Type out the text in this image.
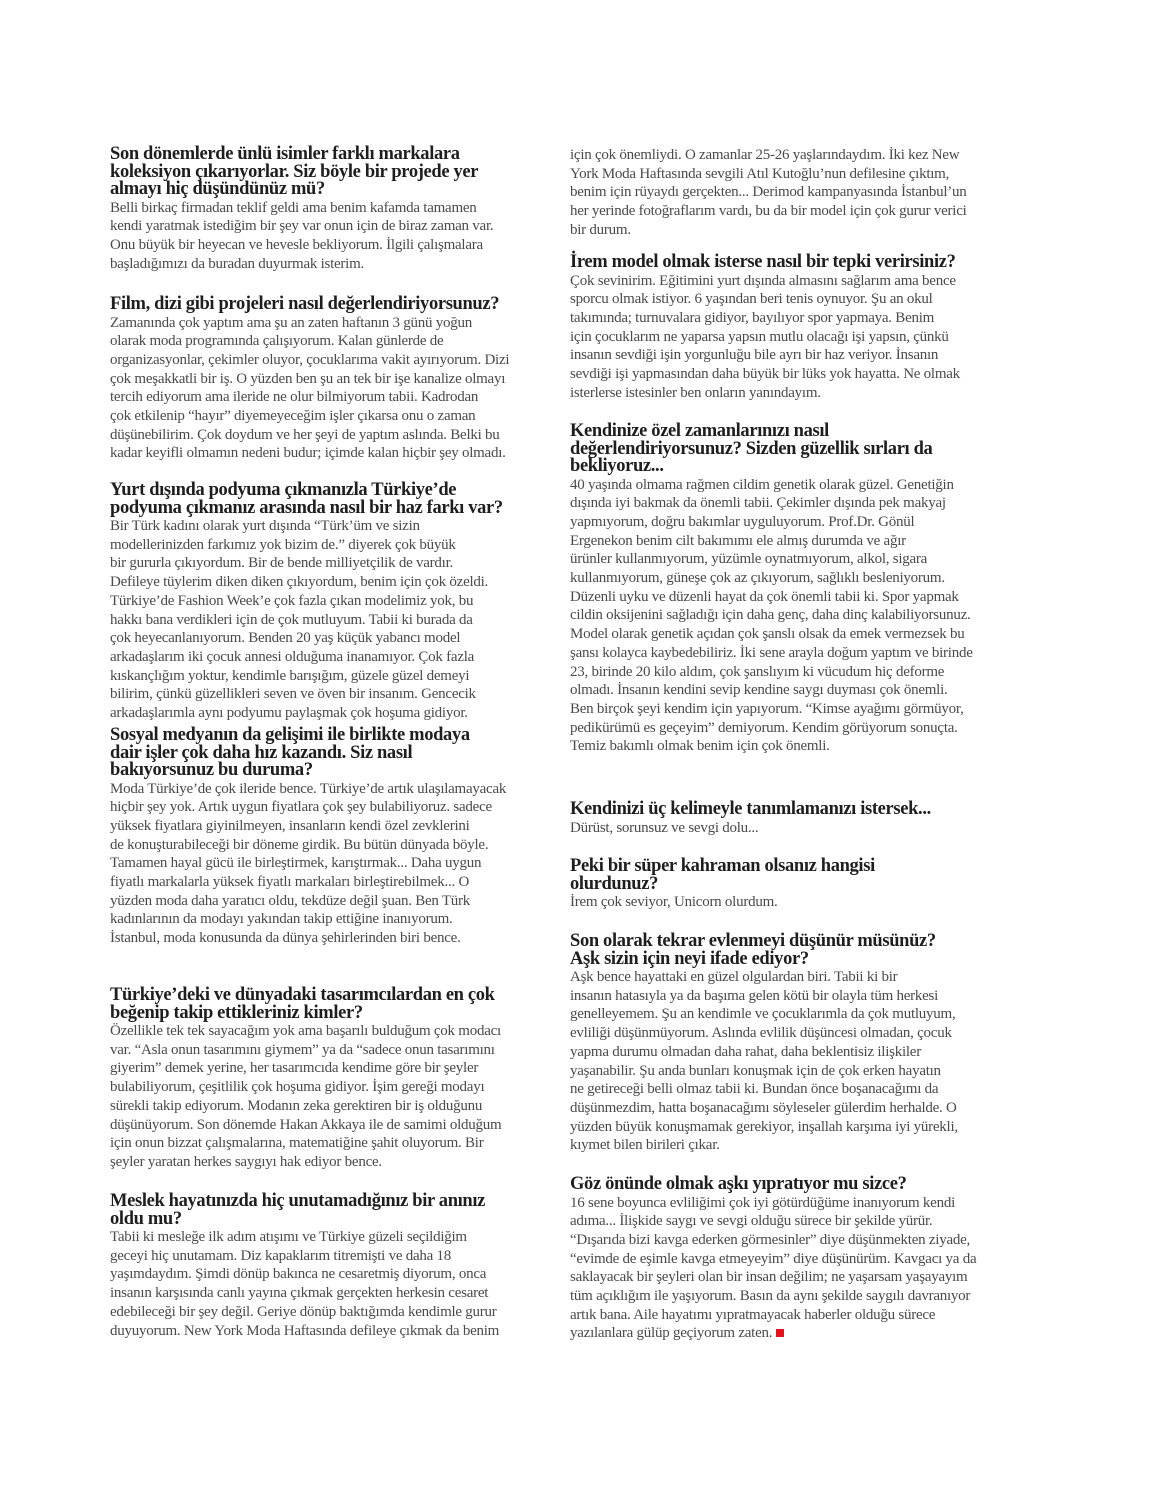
Son dönemlerde ünlü isimler farklı markalara
koleksiyon çıkarıyorlar. Siz böyle bir projede yer
almayı hiç düşündünüz mü?
Belli birkaç firmadan teklif geldi ama benim kafamda tamamen
kendi yaratmak istediğim bir şey var onun için de biraz zaman var.
Onu büyük bir heyecan ve hevesle bekliyorum. İlgili çalışmalara
başladığımızı da buradan duyurmak isterim.
Film, dizi gibi projeleri nasıl değerlendiriyorsunuz?
Zamanında çok yaptım ama şu an zaten haftanın 3 günü yoğun
olarak moda programında çalışıyorum. Kalan günlerde de
organizasyonlar, çekimler oluyor, çocuklarıma vakit ayırıyorum. Dizi
çok meşakkatli bir iş. O yüzden ben şu an tek bir işe kanalize olmayı
tercih ediyorum ama ileride ne olur bilmiyorum tabii. Kadrodan
çok etkilenip “hayır” diyemeyeceğim işler çıkarsa onu o zaman
düşünebilirim. Çok doydum ve her şeyi de yaptım aslında. Belki bu
kadar keyifli olmamın nedeni budur; içimde kalan hiçbir şey olmadı.
Yurt dışında podyuma çıkmanızla Türkiye’de
podyuma çıkmanız arasında nasıl bir haz farkı var?
Bir Türk kadını olarak yurt dışında “Türk’üm ve sizin
modellerinizden farkımız yok bizim de.” diyerek çok büyük
bir gururla çıkıyordum. Bir de bende milliyetçilik de vardır.
Defileye tüylerim diken diken çıkıyordum, benim için çok özeldi.
Türkiye’de Fashion Week’e çok fazla çıkan modelimiz yok, bu
hakkı bana verdikleri için de çok mutluyum. Tabii ki burada da
çok heyecanlanıyorum. Benden 20 yaş küçük yabancı model
arkadaşlarım iki çocuk annesi olduğuma inanamıyor. Çok fazla
kıskançlığım yoktur, kendimle barışığım, güzele güzel demeyi
bilirim, çünkü güzellikleri seven ve öven bir insanım. Gencecik
arkadaşlarımla aynı podyumu paylaşmak çok hoşuma gidiyor.
Sosyal medyanın da gelişimi ile birlikte modaya
dair işler çok daha hız kazandı. Siz nasıl
bakıyorsunuz bu duruma?
Moda Türkiye’de çok ileride bence. Türkiye’de artık ulaşılamayacak
hiçbir şey yok. Artık uygun fiyatlara çok şey bulabiliyoruz. sadece
yüksek fiyatlara giyinilmeyen, insanların kendi özel zevklerini
de konuşturabileceği bir döneme girdik. Bu bütün dünyada böyle.
Tamamen hayal gücü ile birleştirmek, karıştırmak... Daha uygun
fiyatlı markalarla yüksek fiyatlı markaları birleştirebilmek... O
yüzden moda daha yaratıcı oldu, tekdüze değil şuan. Ben Türk
kadınlarının da modayı yakından takip ettiğine inanıyorum.
İstanbul, moda konusunda da dünya şehirlerinden biri bence.
Türkiye’deki ve dünyadaki tasarımcılardan en çok
beğenip takip ettikleriniz kimler?
Özellikle tek tek sayacağım yok ama başarılı bulduğum çok modacı
var. “Asla onun tasarımını giymem” ya da “sadece onun tasarımını
giyerim” demek yerine, her tasarımcıda kendime göre bir şeyler
bulabiliyorum, çeşitlilik çok hoşuma gidiyor. İşim gereği modayı
sürekli takip ediyorum. Modanın zeka gerektiren bir iş olduğunu
düşünüyorum. Son dönemde Hakan Akkaya ile de samimi olduğum
için onun bizzat çalışmalarına, matematiğine şahit oluyorum. Bir
şeyler yaratan herkes saygıyı hak ediyor bence.
Meslek hayatınızda hiç unutamadığınız bir anınız
oldu mu?
Tabii ki mesleğe ilk adım atışımı ve Türkiye güzeli seçildiğim
geceyi hiç unutamam. Diz kapaklarım titremişti ve daha 18
yaşımdaydım. Şimdi dönüp bakınca ne cesaretmiş diyorum, onca
insanın karşısında canlı yayına çıkmak gerçekten herkesin cesaret
edebileceği bir şey değil. Geriye dönüp baktığımda kendimle gurur
duyuyorum. New York Moda Haftasında defileye çıkmak da benim
için çok önemliydi. O zamanlar 25-26 yaşlarındaydım. İki kez New
York Moda Haftasında sevgili Atıl Kutoğlu’nun defilesine çıktım,
benim için rüyaydı gerçekten... Derimod kampanyasında İstanbul’un
her yerinde fotoğraflarım vardı, bu da bir model için çok gurur verici
bir durum.
İrem model olmak isterse nasıl bir tepki verirsiniz?
Çok sevinirim. Eğitimini yurt dışında almasını sağlarım ama bence
sporcu olmak istiyor. 6 yaşından beri tenis oynuyor. Şu an okul
takımında; turnuvalara gidiyor, bayılıyor spor yapmaya. Benim
için çocuklarım ne yaparsa yapsın mutlu olacağı işi yapsın, çünkü
insanın sevdiği işin yorgunluğu bile ayrı bir haz veriyor. İnsanın
sevdiği işi yapmasından daha büyük bir lüks yok hayatta. Ne olmak
isterlerse istesinler ben onların yanındayım.
Kendinize özel zamanlarınızı nasıl
değerlendiriyorsunuz? Sizden güzellik sırları da
bekliyoruz...
40 yaşında olmama rağmen cildim genetik olarak güzel. Genetiğin
dışında iyi bakmak da önemli tabii. Çekimler dışında pek makyaj
yapmıyorum, doğru bakımlar uyguluyorum. Prof.Dr. Gönül
Ergenekon benim cilt bakımımı ele almış durumda ve ağır
ürünler kullanmıyorum, yüzümle oynatmıyorum, alkol, sigara
kullanmıyorum, güneşe çok az çıkıyorum, sağlıklı besleniyorum.
Düzenli uyku ve düzenli hayat da çok önemli tabii ki. Spor yapmak
cildin oksijenini sağladığı için daha genç, daha dinç kalabiliyorsunuz.
Model olarak genetik açıdan çok şanslı olsak da emek vermezsek bu
şansı kolayca kaybedebiliriz. İki sene arayla doğum yaptım ve birinde
23, birinde 20 kilo aldım, çok şanslıyım ki vücudum hiç deforme
olmadı. İnsanın kendini sevip kendine saygı duyması çok önemli.
Ben birçok şeyi kendim için yapıyorum. “Kimse ayağımı görmüyor,
pedikürümü es geçeyim” demiyorum. Kendim görüyorum sonuçta.
Temiz bakımlı olmak benim için çok önemli.
Kendinizi üç kelimeyle tanımlamanızı istersek...
Dürüst, sorunsuz ve sevgi dolu...
Peki bir süper kahraman olsanız hangisi
olurdunuz?
İrem çok seviyor, Unicorn olurdum.
Son olarak tekrar evlenmeyi düşünür müsünüz?
Aşk sizin için neyi ifade ediyor?
Aşk bence hayattaki en güzel olgulardan biri. Tabii ki bir
insanın hatasıyla ya da başıma gelen kötü bir olayla tüm herkesi
genelleyemem. Şu an kendimle ve çocuklarımla da çok mutluyum,
evliliği düşünmüyorum. Aslında evlilik düşüncesi olmadan, çocuk
yapma durumu olmadan daha rahat, daha beklentisiz ilişkiler
yaşanabilir. Şu anda bunları konuşmak için de çok erken hayatın
ne getireceği belli olmaz tabii ki. Bundan önce boşanacağımı da
düşünmezdim, hatta boşanacağımı söyleseler gülerdim herhalde. O
yüzden büyük konuşmamak gerekiyor, inşallah karşıma iyi yürekli,
kıymet bilen birileri çıkar.
Göz önünde olmak aşkı yıpratıyor mu sizce?
16 sene boyunca evliliğimi çok iyi götürdüğüme inanıyorum kendi
adıma... İlişkide saygı ve sevgi olduğu sürece bir şekilde yürür.
“Dışarıda bizi kavga ederken görmesinler” diye düşünmekten ziyade,
“evimde de eşimle kavga etmeyeyim” diye düşünürüm. Kavgacı ya da
saklayacak bir şeyleri olan bir insan değilim; ne yaşarsam yaşayayım
tüm açıklığım ile yaşıyorum. Basın da aynı şekilde saygılı davranıyor
artık bana. Aile hayatımı yıpratmayacak haberler olduğu sürece
yazılanlara gülüp geçiyorum zaten.
